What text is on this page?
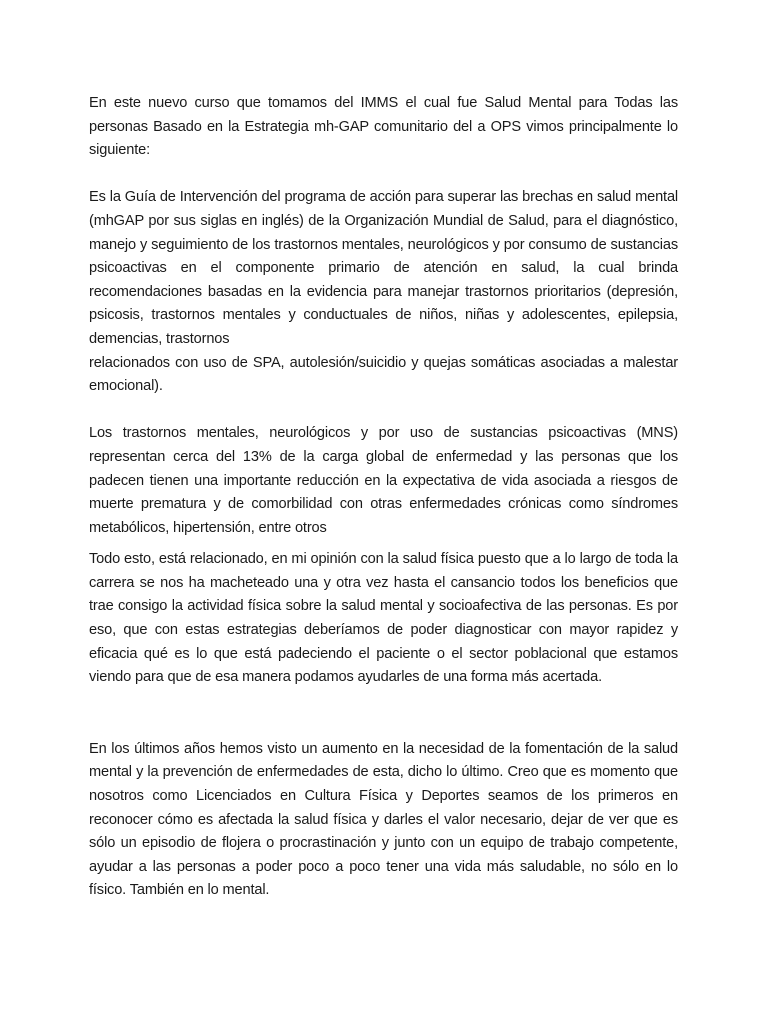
En este nuevo curso que tomamos del IMMS el cual fue Salud Mental para Todas las personas Basado en la Estrategia mh-GAP comunitario del a OPS vimos principalmente lo siguiente:

Es la Guía de Intervención del programa de acción para superar las brechas en salud mental (mhGAP por sus siglas en inglés) de la Organización Mundial de Salud, para el diagnóstico, manejo y seguimiento de los trastornos mentales, neurológicos y por consumo de sustancias psicoactivas en el componente primario de atención en salud, la cual brinda recomendaciones basadas en la evidencia para manejar trastornos prioritarios (depresión, psicosis, trastornos mentales y conductuales de niños, niñas y adolescentes, epilepsia, demencias, trastornos
relacionados con uso de SPA, autolesión/suicidio y quejas somáticas asociadas a malestar emocional).

Los trastornos mentales, neurológicos y por uso de sustancias psicoactivas (MNS) representan cerca del 13% de la carga global de enfermedad y las personas que los padecen tienen una importante reducción en la expectativa de vida asociada a riesgos de muerte prematura y de comorbilidad con otras enfermedades crónicas como síndromes metabólicos, hipertensión, entre otros

Todo esto, está relacionado, en mi opinión con la salud física puesto que a lo largo de toda la carrera se nos ha macheteado una y otra vez hasta el cansancio todos los beneficios que trae consigo la actividad física sobre la salud mental y socioafectiva de las personas. Es por eso, que con estas estrategias deberíamos de poder diagnosticar con mayor rapidez y eficacia qué es lo que está padeciendo el paciente o el sector poblacional que estamos viendo para que de esa manera podamos ayudarles de una forma más acertada.

En los últimos años hemos visto un aumento en la necesidad de la fomentación de la salud mental y la prevención de enfermedades de esta, dicho lo último. Creo que es momento que nosotros como Licenciados en Cultura Física y Deportes seamos de los primeros en reconocer cómo es afectada la salud física y darles el valor necesario, dejar de ver que es sólo un episodio de flojera o procrastinación y junto con un equipo de trabajo competente, ayudar a las personas a poder poco a poco tener una vida más saludable, no sólo en lo físico. También en lo mental.
